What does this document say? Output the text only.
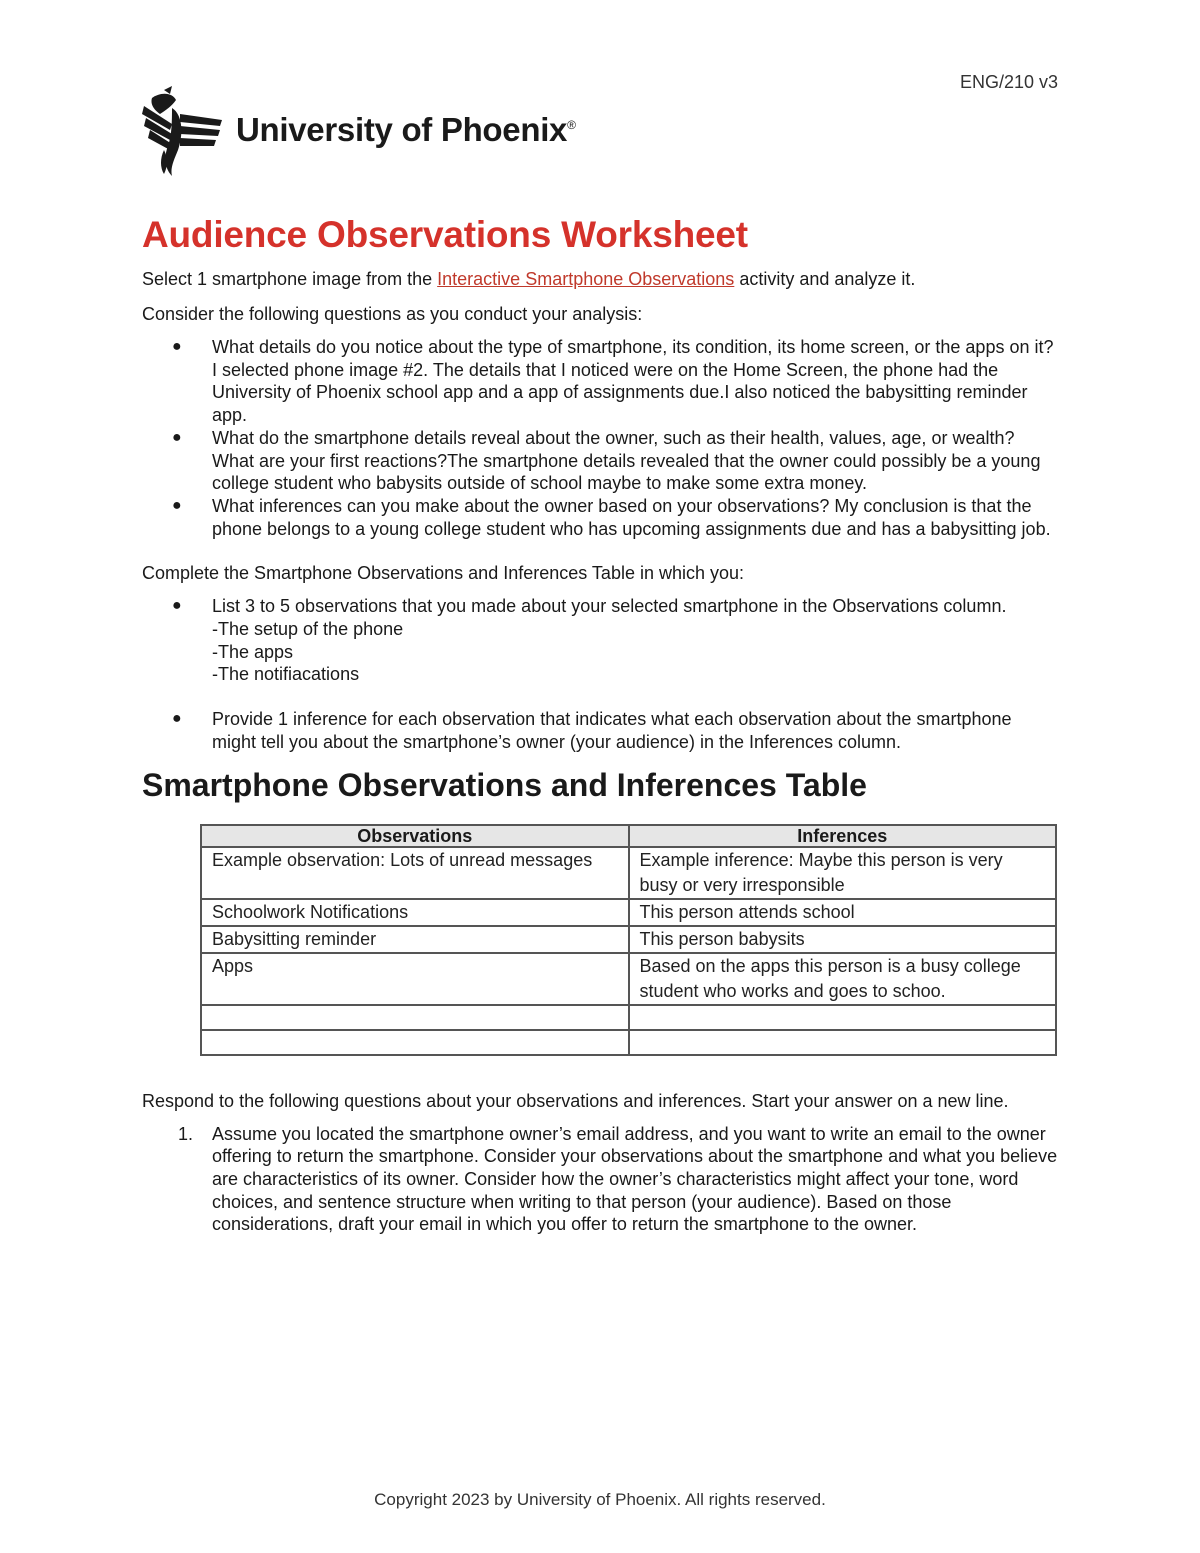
ENG/210 v3
University of Phoenix®
Audience Observations Worksheet

Select 1 smartphone image from the Interactive Smartphone Observations activity and analyze it.

Consider the following questions as you conduct your analysis:

● What details do you notice about the type of smartphone, its condition, its home screen, or the apps on it? I selected phone image #2. The details that I noticed were on the Home Screen, the phone had the University of Phoenix school app and a app of assignments due.I also noticed the babysitting reminder app.
● What do the smartphone details reveal about the owner, such as their health, values, age, or wealth? What are your first reactions?The smartphone details revealed that the owner could possibly be a young college student who babysits outside of school maybe to make some extra money.
● What inferences can you make about the owner based on your observations? My conclusion is that the phone belongs to a young college student who has upcoming assignments due and has a babysitting job.

Complete the Smartphone Observations and Inferences Table in which you:

● List 3 to 5 observations that you made about your selected smartphone in the Observations column.
-The setup of the phone
-The apps
-The notifiacations
● Provide 1 inference for each observation that indicates what each observation about the smartphone might tell you about the smartphone’s owner (your audience) in the Inferences column.
Smartphone Observations and Inferences Table
Observations	Inferences
Example observation: Lots of unread messages	Example inference: Maybe this person is very busy or very irresponsible
Schoolwork Notifications	This person attends school
Babysitting reminder	This person babysits
Apps	Based on the apps this person is a busy college student who works and goes to schoo.

Respond to the following questions about your observations and inferences. Start your answer on a new line.

1. Assume you located the smartphone owner’s email address, and you want to write an email to the owner offering to return the smartphone. Consider your observations about the smartphone and what you believe are characteristics of its owner. Consider how the owner’s characteristics might affect your tone, word choices, and sentence structure when writing to that person (your audience). Based on those considerations, draft your email in which you offer to return the smartphone to the owner.
Copyright 2023 by University of Phoenix. All rights reserved.
